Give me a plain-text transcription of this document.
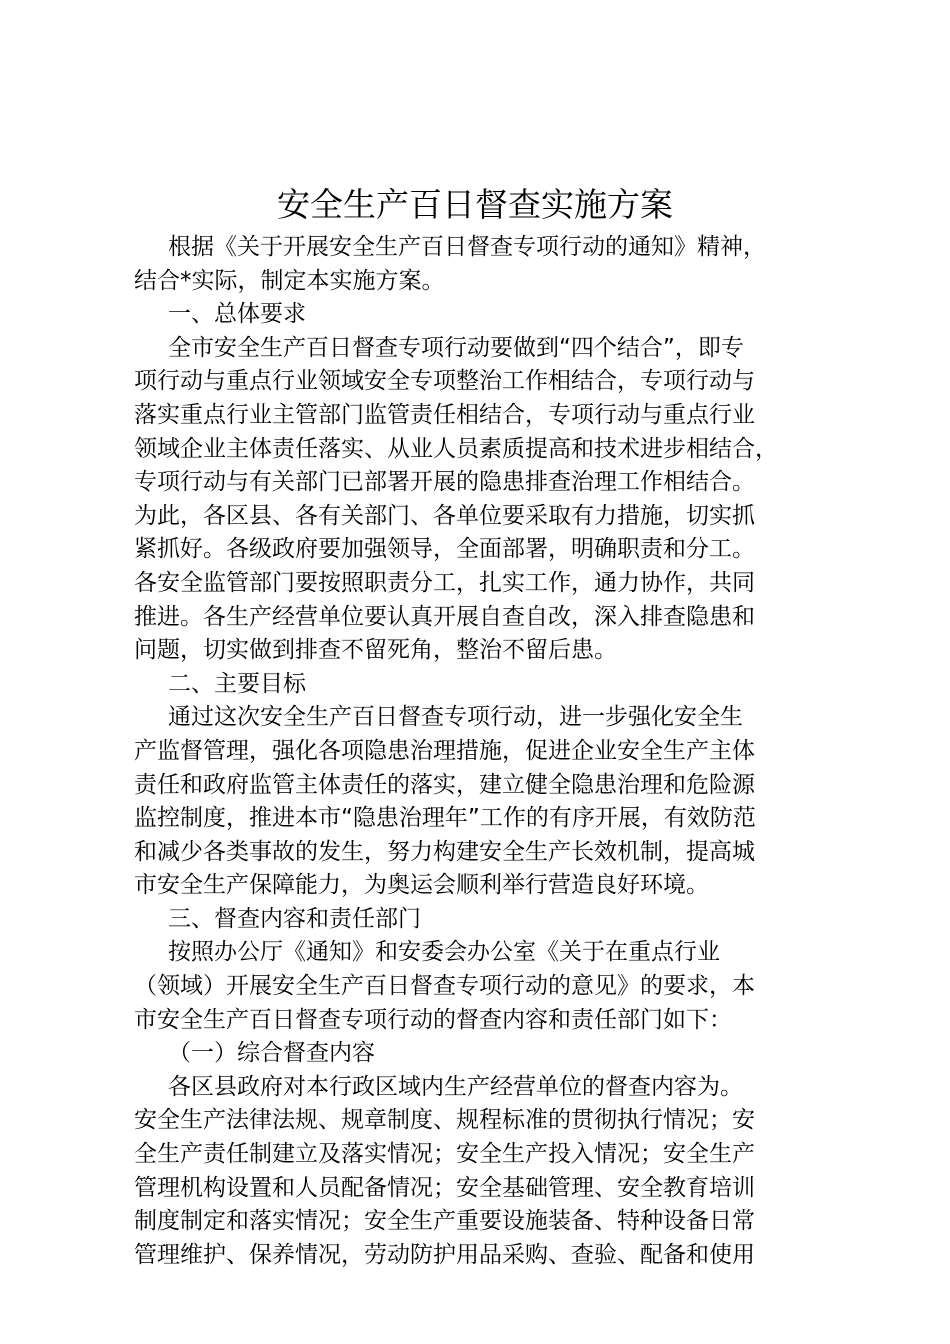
安全生产百日督查实施方案
根据《关于开展安全生产百日督查专项行动的通知》精神，
结合*实际，制定本实施方案。
一、总体要求
全市安全生产百日督查专项行动要做到“四个结合”，即专
项行动与重点行业领域安全专项整治工作相结合，专项行动与
落实重点行业主管部门监管责任相结合，专项行动与重点行业
领域企业主体责任落实、从业人员素质提高和技术进步相结合，
专项行动与有关部门已部署开展的隐患排查治理工作相结合。
为此，各区县、各有关部门、各单位要采取有力措施，切实抓
紧抓好。各级政府要加强领导，全面部署，明确职责和分工。
各安全监管部门要按照职责分工，扎实工作，通力协作，共同
推进。各生产经营单位要认真开展自查自改，深入排查隐患和
问题，切实做到排查不留死角，整治不留后患。
二、主要目标
通过这次安全生产百日督查专项行动，进一步强化安全生
产监督管理，强化各项隐患治理措施，促进企业安全生产主体
责任和政府监管主体责任的落实，建立健全隐患治理和危险源
监控制度，推进本市“隐患治理年”工作的有序开展，有效防范
和减少各类事故的发生，努力构建安全生产长效机制，提高城
市安全生产保障能力，为奥运会顺利举行营造良好环境。
三、督查内容和责任部门
按照办公厅《通知》和安委会办公室《关于在重点行业
（领域）开展安全生产百日督查专项行动的意见》的要求，本
市安全生产百日督查专项行动的督查内容和责任部门如下：
（一）综合督查内容
各区县政府对本行政区域内生产经营单位的督查内容为。
安全生产法律法规、规章制度、规程标准的贯彻执行情况；安
全生产责任制建立及落实情况；安全生产投入情况；安全生产
管理机构设置和人员配备情况；安全基础管理、安全教育培训
制度制定和落实情况；安全生产重要设施装备、特种设备日常
管理维护、保养情况，劳动防护用品采购、查验、配备和使用
